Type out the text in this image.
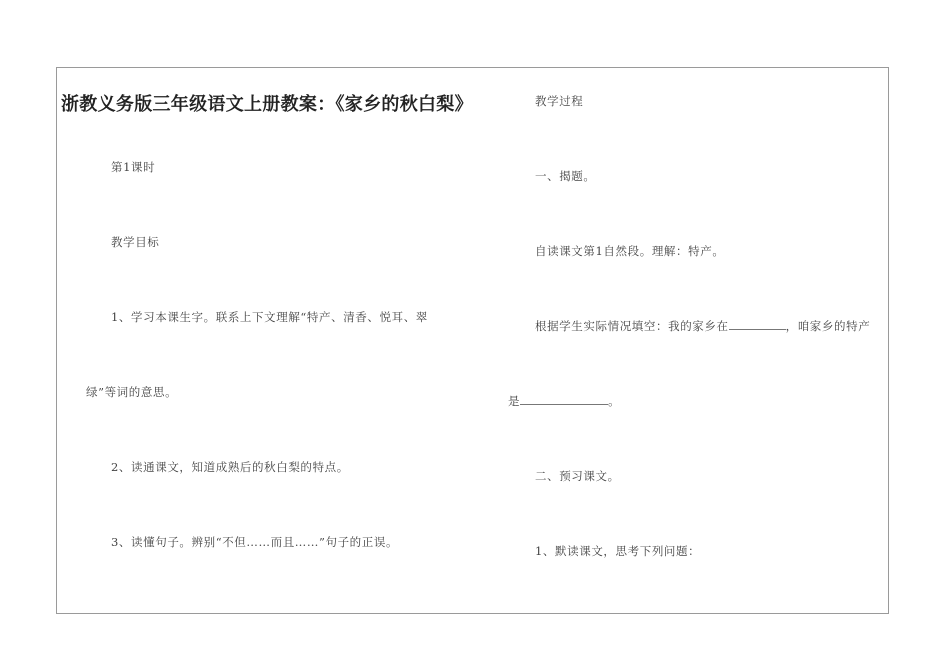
浙教义务版三年级语文上册教案：《家乡的秋白梨》
第1课时
教学目标
1、学习本课生字。联系上下文理解“特产、清香、悦耳、翠
绿”等词的意思。
2、读通课文，知道成熟后的秋白梨的特点。
3、读懂句子。辨别“不但……而且……”句子的正误。
教学过程
一、揭题。
自读课文第1自然段。理解：特产。
根据学生实际情况填空：我的家乡在	，咱家乡的特产
是	。
二、预习课文。
1、默读课文，思考下列问题：
